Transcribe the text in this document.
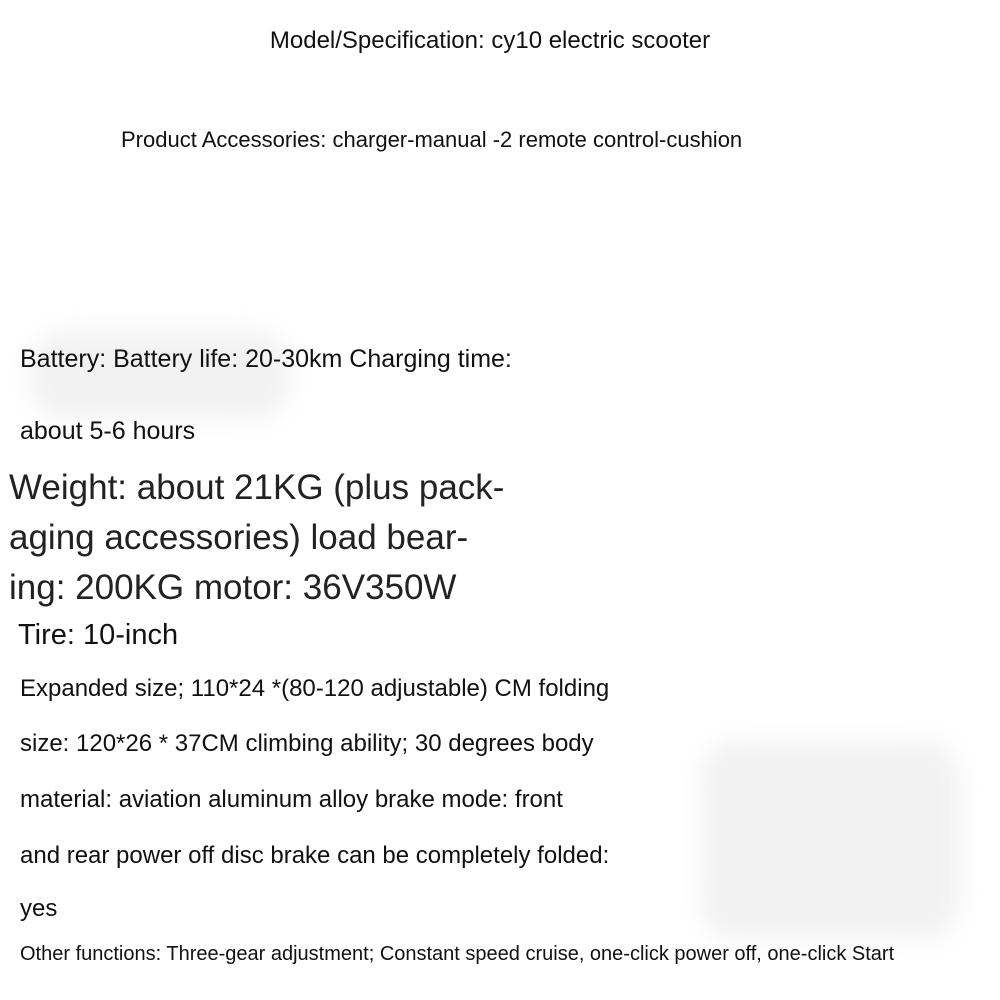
Model/Specification: cy10 electric scooter
Product Accessories: charger-manual -2 remote control-cushion
Battery: Battery life: 20-30km Charging time:
about 5-6 hours
Weight: about 21KG (plus pack-
aging accessories) load bear-
ing: 200KG motor: 36V350W
Tire: 10-inch
Expanded size; 110*24 *(80-120 adjustable) CM folding
size: 120*26 * 37CM climbing ability; 30 degrees body
material: aviation aluminum alloy brake mode: front
and rear power off disc brake can be completely folded:
yes
Other functions: Three-gear adjustment; Constant speed cruise, one-click power off, one-click Start
